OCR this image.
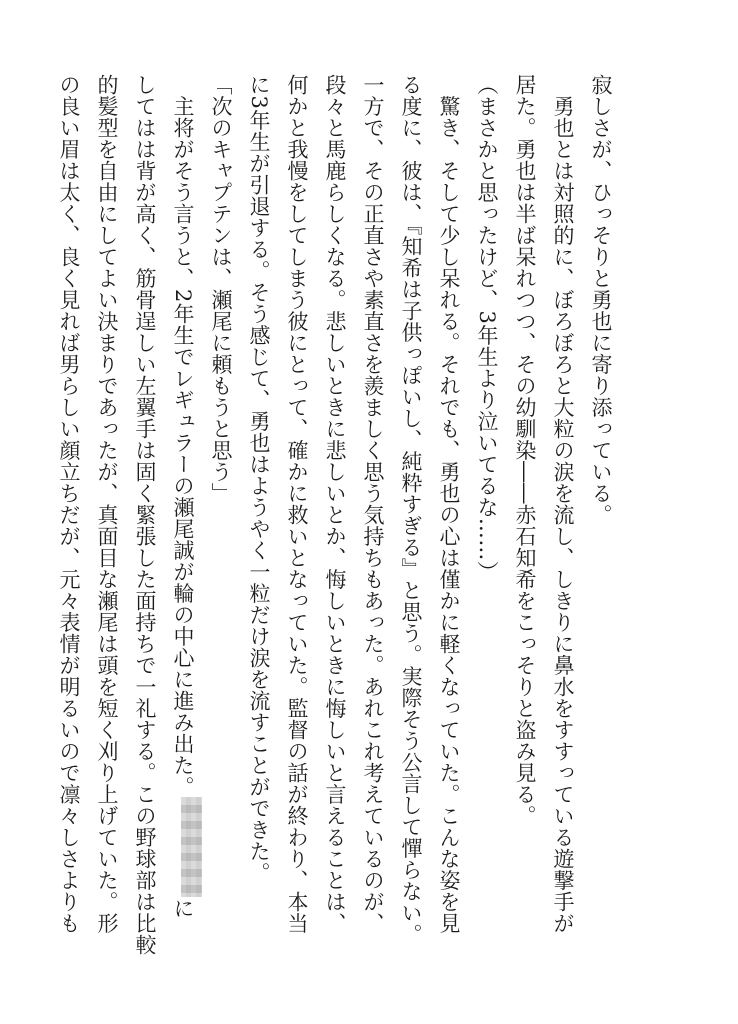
寂しさが、ひっそりと勇也に寄り添っている。
　勇也とは対照的に、ぼろぼろと大粒の涙を流し、しきりに鼻水をすすっている遊撃手が
居た。勇也は半ば呆れつつ、その幼馴染――赤石知希をこっそりと盗み見る。
（まさかと思ったけど、3年生より泣いてるな……）
　驚き、そして少し呆れる。それでも、勇也の心は僅かに軽くなっていた。こんな姿を見
る度に、彼は、『知希は子供っぽいし、純粋すぎる』と思う。実際そう公言して憚らない。
一方で、その正直さや素直さを羨ましく思う気持ちもあった。あれこれ考えているのが、
段々と馬鹿らしくなる。悲しいときに悲しいとか、悔しいときに悔しいと言えることは、
何かと我慢をしてしまう彼にとって、確かに救いとなっていた。監督の話が終わり、本当
に3年生が引退する。そう感じて、勇也はようやく一粒だけ涙を流すことができた。
「次のキャプテンは、瀬尾に頼もうと思う」
　主将がそう言うと、2年生でレギュラーの瀬尾誠が輪の中心に進み出た。に
してはは背が高く、筋骨逞しい左翼手は固く緊張した面持ちで一礼する。この野球部は比較
的髪型を自由にしてよい決まりであったが、真面目な瀬尾は頭を短く刈り上げていた。形
の良い眉は太く、良く見れば男らしい顔立ちだが、元々表情が明るいので凛々しさよりも
